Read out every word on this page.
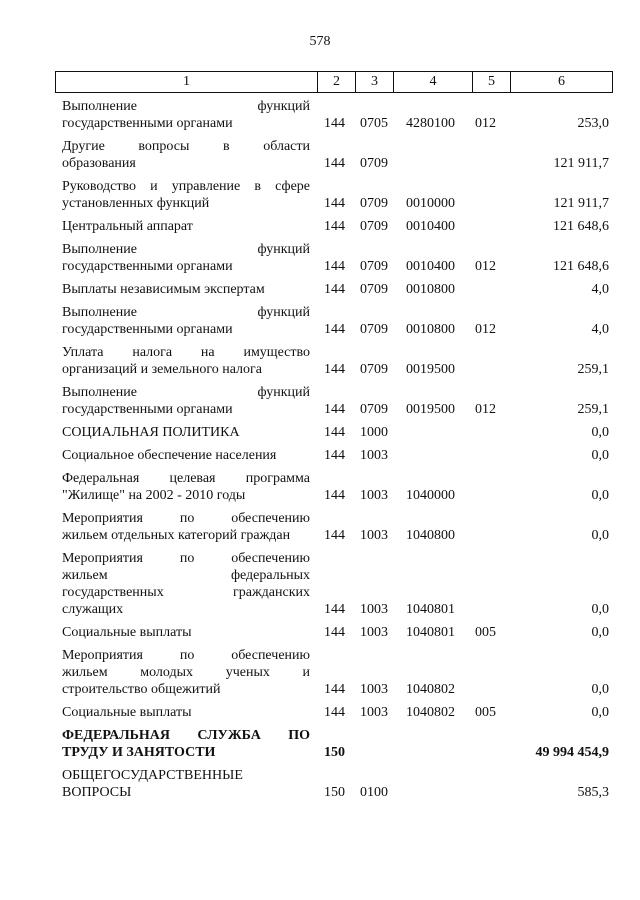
578
1	2	3	4	5	6
Выполнение функций
государственными органами	144 0705 4280100 012	253,0
Другие вопросы в области
образования	144 0709	121 911,7
Руководство и управление в сфере
установленных функций	144 0709 0010000	121 911,7
Центральный аппарат	144 0709 0010400	121 648,6
Выполнение функций
государственными органами	144 0709 0010400 012	121 648,6
Выплаты независимым экспертам	144 0709 0010800	4,0
Выполнение функций
государственными органами	144 0709 0010800 012	4,0
Уплата налога на имущество
организаций и земельного налога	144 0709 0019500	259,1
Выполнение функций
государственными органами	144 0709 0019500 012	259,1
СОЦИАЛЬНАЯ ПОЛИТИКА	144 1000	0,0
Социальное обеспечение населения	144 1003	0,0
Федеральная целевая программа
"Жилище" на 2002 - 2010 годы	144 1003 1040000	0,0
Мероприятия по обеспечению
жильем отдельных категорий граждан	144 1003 1040800	0,0
Мероприятия по обеспечению
жильем федеральных
государственных гражданских
служащих	144 1003 1040801	0,0
Социальные выплаты	144 1003 1040801 005	0,0
Мероприятия по обеспечению
жильем молодых ученых и
строительство общежитий	144 1003 1040802	0,0
Социальные выплаты	144 1003 1040802 005	0,0
ФЕДЕРАЛЬНАЯ СЛУЖБА ПО
ТРУДУ И ЗАНЯТОСТИ	150	49 994 454,9
ОБЩЕГОСУДАРСТВЕННЫЕ
ВОПРОСЫ	150 0100	585,3
